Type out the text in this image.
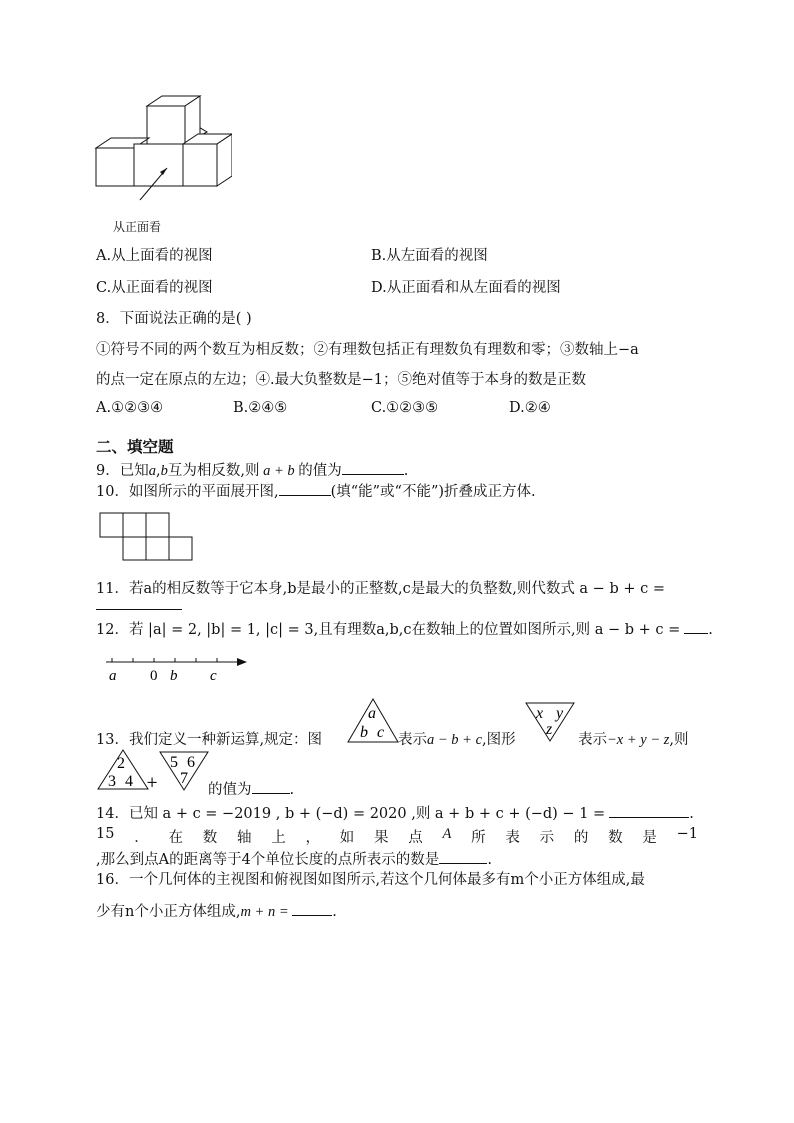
从正面看
A.从上面看的视图	B.从左面看的视图
C.从正面看的视图	D.从正面看和从左面看的视图
8．下面说法正确的是( )
①符号不同的两个数互为相反数；②有理数包括正有理数负有理数和零；③数轴上−a
的点一定在原点的左边；④.最大负整数是−1；⑤绝对值等于本身的数是正数
A.①②③④	B.②④⑤	C.①②③⑤	D.②④
二、填空题
9．已知a,b互为相反数,则 a + b 的值为	.
10．如图所示的平面展开图,	(填“能”或“不能”)折叠成正方体.
11．若a的相反数等于它本身,b是最小的正整数,c是最大的负整数,则代数式 a − b + c =
12．若 |a| = 2, |b| = 1, |c| = 3,且有理数a,b,c在数轴上的位置如图所示,则 a − b + c = .
a 0 b c
13．我们定义一种新运算,规定：图
a
b c 表示a − b + c,图形
x y
z
表示−x + y − z,则
2
3 4 +
5 6
7
的值为	.
14．已知 a + c = −2019 , b + (−d) = 2020 ,则 a + b + c + (−d) − 1 =	.
15 ． 在 数 轴 上 ， 如 果 点 A 所 表 示 的 数 是 −1
,那么到点A的距离等于4个单位长度的点所表示的数是	.
16．一个几何体的主视图和俯视图如图所示,若这个几何体最多有m个小正方体组成,最
少有n个小正方体组成,m + n =	.
